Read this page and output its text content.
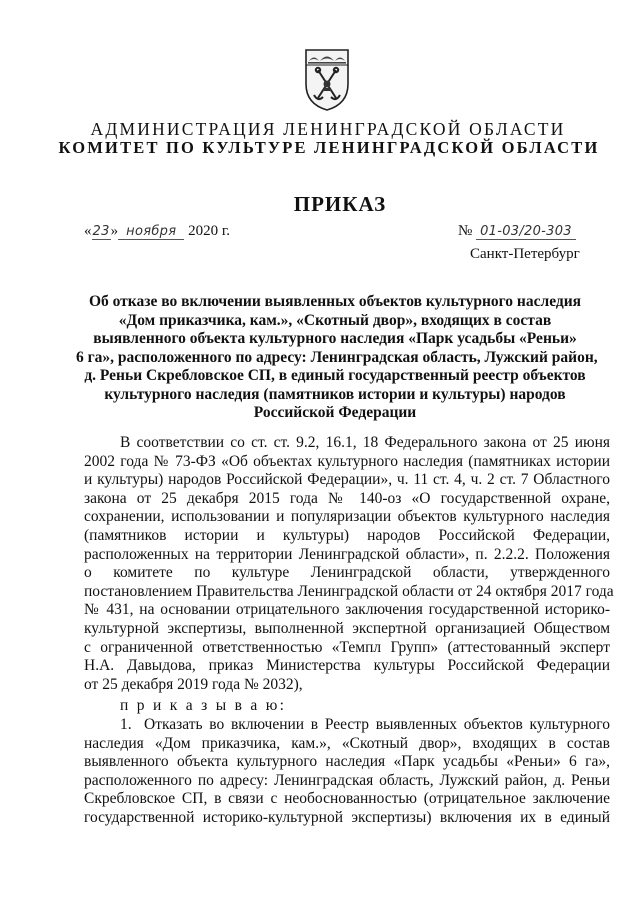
АДМИНИСТРАЦИЯ ЛЕНИНГРАДСКОЙ ОБЛАСТИ
КОМИТЕТ ПО КУЛЬТУРЕ ЛЕНИНГРАДСКОЙ ОБЛАСТИ
ПРИКАЗ
«23» ноября 2020 г.	№ 01-03/20-303
Санкт-Петербург
Об отказе во включении выявленных объектов культурного наследия
«Дом приказчика, кам.», «Скотный двор», входящих в состав
выявленного объекта культурного наследия «Парк усадьбы «Реньи»
6 га», расположенного по адресу: Ленинградская область, Лужский район,
д. Реньи Скребловское СП, в единый государственный реестр объектов
культурного наследия (памятников истории и культуры) народов
Российской Федерации
В соответствии со ст. ст. 9.2, 16.1, 18 Федерального закона от 25 июня
2002 года № 73-ФЗ «Об объектах культурного наследия (памятниках истории
и культуры) народов Российской Федерации», ч. 11 ст. 4, ч. 2 ст. 7 Областного
закона от 25 декабря 2015 года № 140-оз «О государственной охране,
сохранении, использовании и популяризации объектов культурного наследия
(памятников истории и культуры) народов Российской Федерации,
расположенных на территории Ленинградской области», п. 2.2.2. Положения
о комитете по культуре Ленинградской области, утвержденного
постановлением Правительства Ленинградской области от 24 октября 2017 года
№ 431, на основании отрицательного заключения государственной историко-
культурной экспертизы, выполненной экспертной организацией Обществом
с ограниченной ответственностью «Темпл Групп» (аттестованный эксперт
Н.А. Давыдова, приказ Министерства культуры Российской Федерации
от 25 декабря 2019 года № 2032),
п р и к а з ы в а ю:
1. Отказать во включении в Реестр выявленных объектов культурного
наследия «Дом приказчика, кам.», «Скотный двор», входящих в состав
выявленного объекта культурного наследия «Парк усадьбы «Реньи» 6 га»,
расположенного по адресу: Ленинградская область, Лужский район, д. Реньи
Скребловское СП, в связи с необоснованностью (отрицательное заключение
государственной историко-культурной экспертизы) включения их в единый
